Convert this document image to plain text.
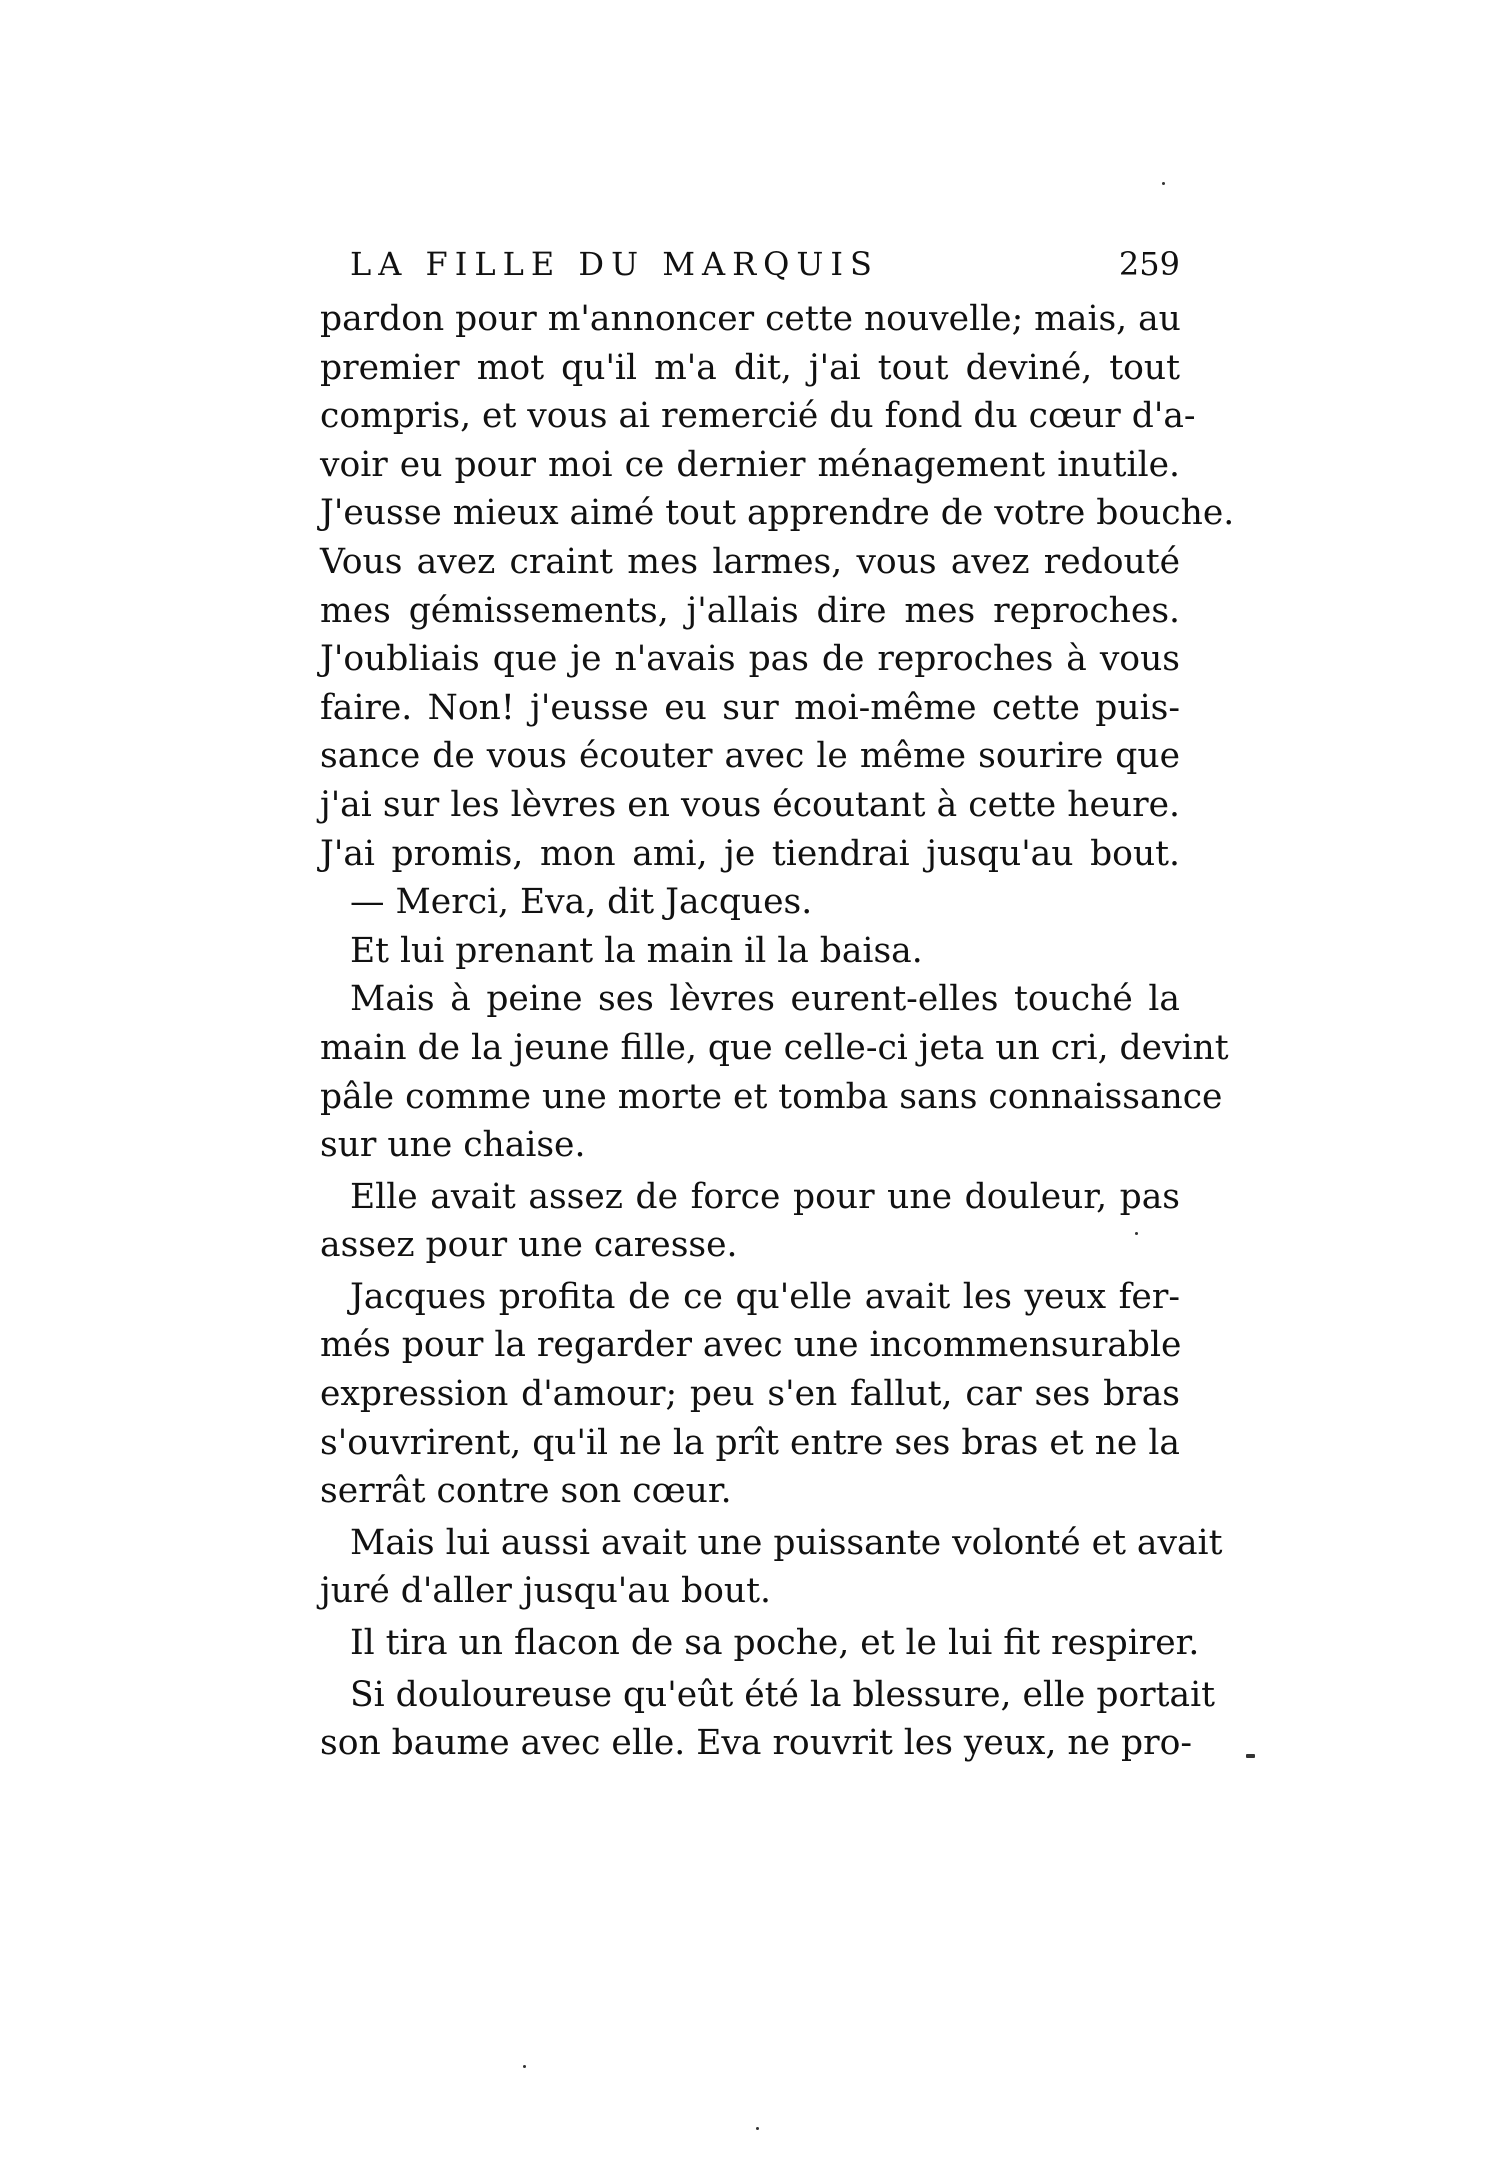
LA FILLE DU MARQUIS	259
pardon pour m'annoncer cette nouvelle; mais, au
premier mot qu'il m'a dit, j'ai tout deviné, tout
compris, et vous ai remercié du fond du cœur d'a-
voir eu pour moi ce dernier ménagement inutile.
J'eusse mieux aimé tout apprendre de votre bouche.
Vous avez craint mes larmes, vous avez redouté
mes gémissements, j'allais dire mes reproches.
J'oubliais que je n'avais pas de reproches à vous
faire. Non! j'eusse eu sur moi-même cette puis-
sance de vous écouter avec le même sourire que
j'ai sur les lèvres en vous écoutant à cette heure.
J'ai promis, mon ami, je tiendrai jusqu'au bout.
— Merci, Eva, dit Jacques.
Et lui prenant la main il la baisa.
Mais à peine ses lèvres eurent-elles touché la
main de la jeune fille, que celle-ci jeta un cri, devint
pâle comme une morte et tomba sans connaissance
sur une chaise.
Elle avait assez de force pour une douleur, pas
assez pour une caresse.
Jacques profita de ce qu'elle avait les yeux fer-
més pour la regarder avec une incommensurable
expression d'amour; peu s'en fallut, car ses bras
s'ouvrirent, qu'il ne la prît entre ses bras et ne la
serrât contre son cœur.
Mais lui aussi avait une puissante volonté et avait
juré d'aller jusqu'au bout.
Il tira un flacon de sa poche, et le lui fit respirer.
Si douloureuse qu'eût été la blessure, elle portait
son baume avec elle. Eva rouvrit les yeux, ne pro-
